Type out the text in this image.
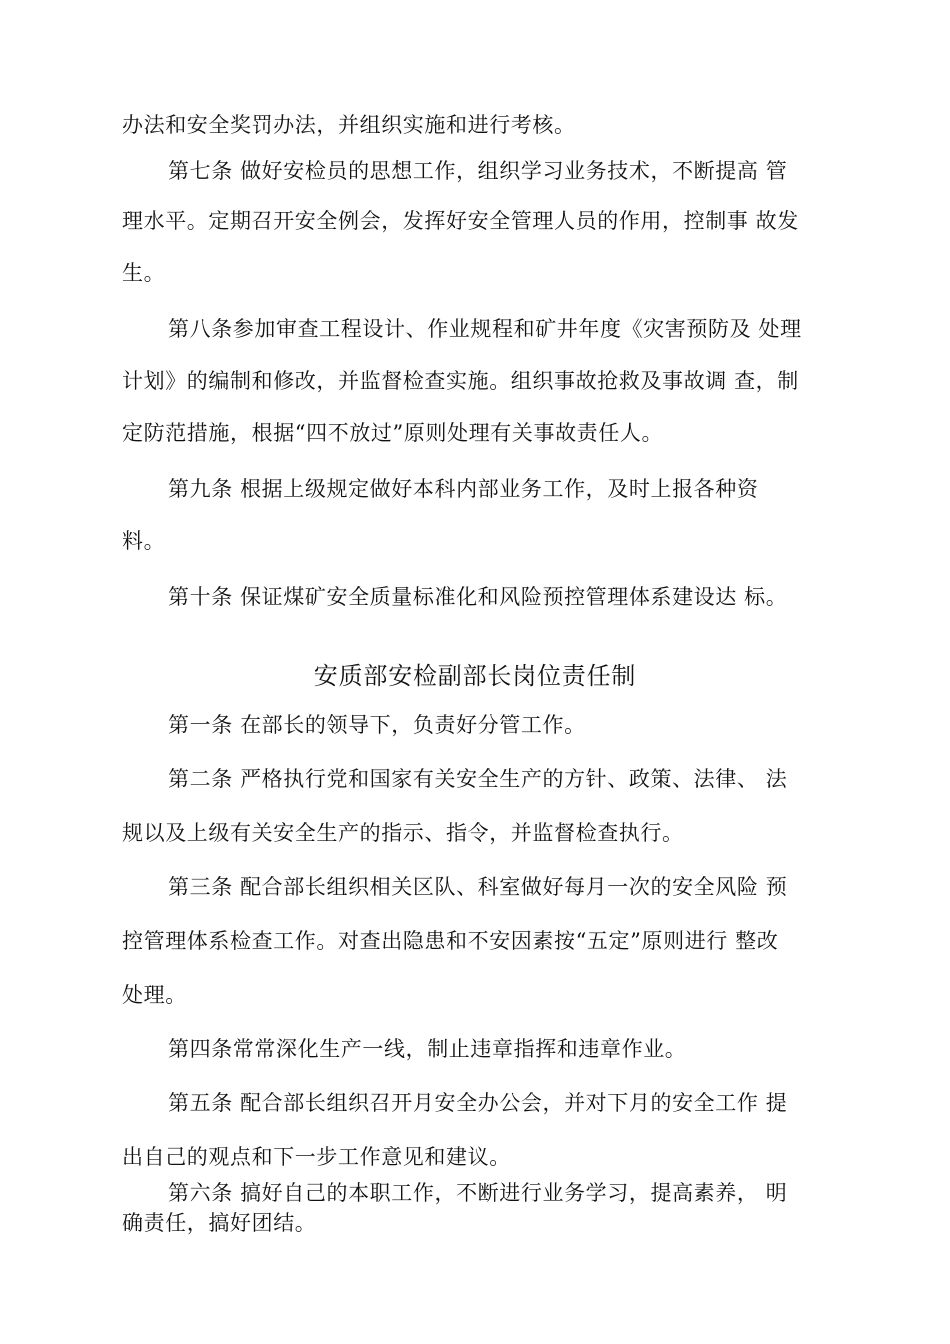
办法和安全奖罚办法，并组织实施和进行考核。
第七条 做好安检员的思想工作，组织学习业务技术，不断提高 管
理水平。定期召开安全例会，发挥好安全管理人员的作用，控制事 故发
生。
第八条参加审查工程设计、作业规程和矿井年度《灾害预防及 处理
计划》的编制和修改，并监督检查实施。组织事故抢救及事故调 查，制
定防范措施，根据“四不放过”原则处理有关事故责任人。
第九条 根据上级规定做好本科内部业务工作，及时上报各种资
料。
第十条 保证煤矿安全质量标准化和风险预控管理体系建设达 标。
安质部安检副部长岗位责任制
第一条 在部长的领导下，负责好分管工作。
第二条 严格执行党和国家有关安全生产的方针、政策、法律、 法
规以及上级有关安全生产的指示、指令，并监督检查执行。
第三条 配合部长组织相关区队、科室做好每月一次的安全风险 预
控管理体系检查工作。对查出隐患和不安因素按“五定”原则进行 整改
处理。
第四条常常深化生产一线，制止违章指挥和违章作业。
第五条 配合部长组织召开月安全办公会，并对下月的安全工作 提
出自己的观点和下一步工作意见和建议。
第六条 搞好自己的本职工作，不断进行业务学习，提高素养， 明
确责任，搞好团结。
